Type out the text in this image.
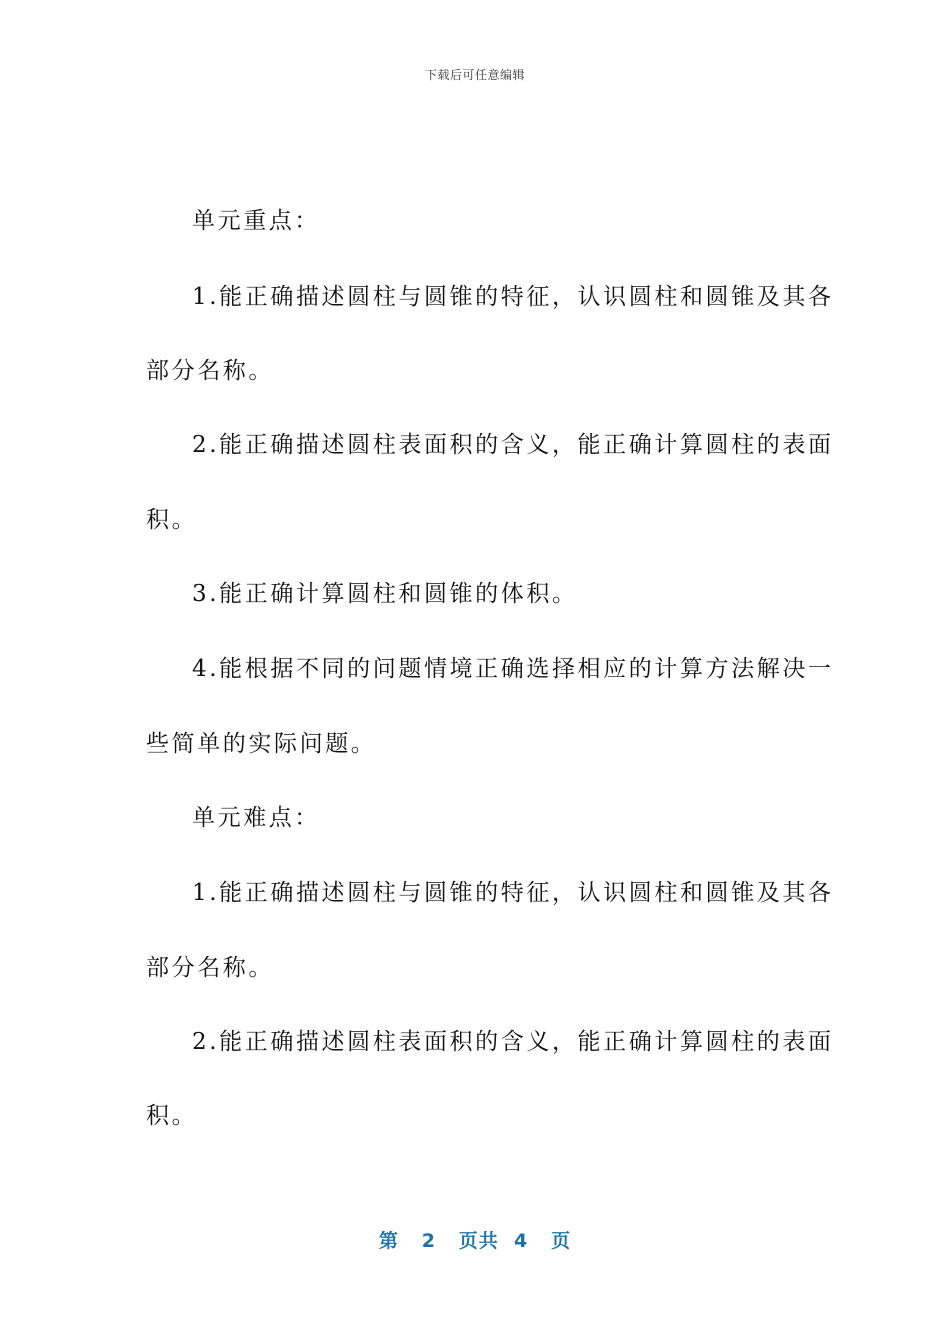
下载后可任意编辑
单元重点：
1.能正确描述圆柱与圆锥的特征，认识圆柱和圆锥及其各
部分名称。
2.能正确描述圆柱表面积的含义，能正确计算圆柱的表面
积。
3.能正确计算圆柱和圆锥的体积。
4.能根据不同的问题情境正确选择相应的计算方法解决一
些简单的实际问题。
单元难点：
1.能正确描述圆柱与圆锥的特征，认识圆柱和圆锥及其各
部分名称。
2.能正确描述圆柱表面积的含义，能正确计算圆柱的表面
积。
第 2 页共 4 页
